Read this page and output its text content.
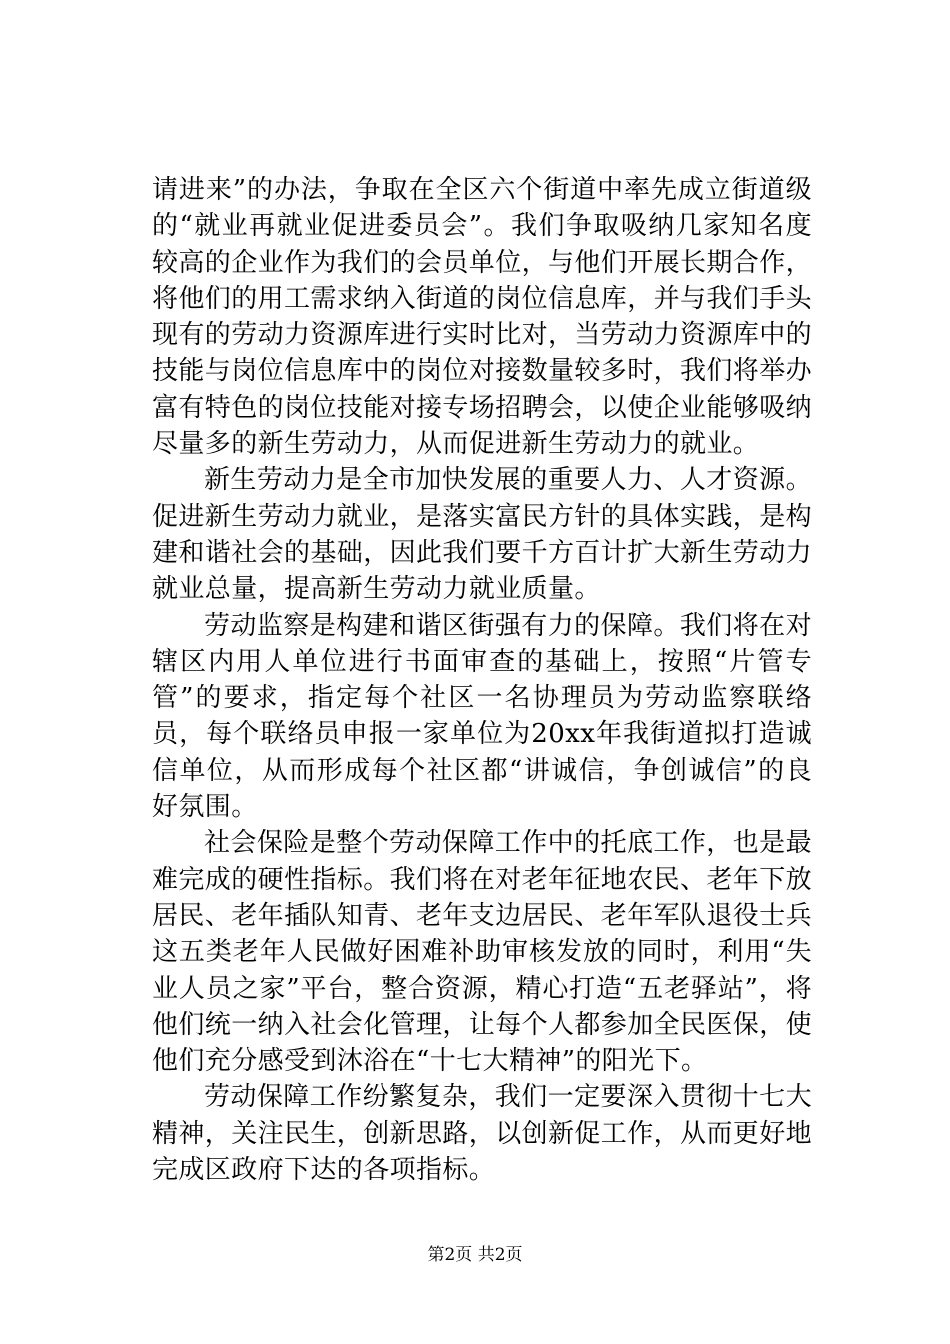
请进来”的办法，争取在全区六个街道中率先成立街道级的“就业再就业促进委员会”。我们争取吸纳几家知名度较高的企业作为我们的会员单位，与他们开展长期合作，将他们的用工需求纳入街道的岗位信息库，并与我们手头现有的劳动力资源库进行实时比对，当劳动力资源库中的技能与岗位信息库中的岗位对接数量较多时，我们将举办富有特色的岗位技能对接专场招聘会，以使企业能够吸纳尽量多的新生劳动力，从而促进新生劳动力的就业。

新生劳动力是全市加快发展的重要人力、人才资源。促进新生劳动力就业，是落实富民方针的具体实践，是构建和谐社会的基础，因此我们要千方百计扩大新生劳动力就业总量，提高新生劳动力就业质量。

劳动监察是构建和谐区街强有力的保障。我们将在对辖区内用人单位进行书面审查的基础上，按照“片管专管”的要求，指定每个社区一名协理员为劳动监察联络员，每个联络员申报一家单位为20xx年我街道拟打造诚信单位，从而形成每个社区都“讲诚信，争创诚信”的良好氛围。

社会保险是整个劳动保障工作中的托底工作，也是最难完成的硬性指标。我们将在对老年征地农民、老年下放居民、老年插队知青、老年支边居民、老年军队退役士兵这五类老年人民做好困难补助审核发放的同时，利用“失业人员之家”平台，整合资源，精心打造“五老驿站”，将他们统一纳入社会化管理，让每个人都参加全民医保，使他们充分感受到沐浴在“十七大精神”的阳光下。

劳动保障工作纷繁复杂，我们一定要深入贯彻十七大精神，关注民生，创新思路，以创新促工作，从而更好地完成区政府下达的各项指标。

第2页 共2页
